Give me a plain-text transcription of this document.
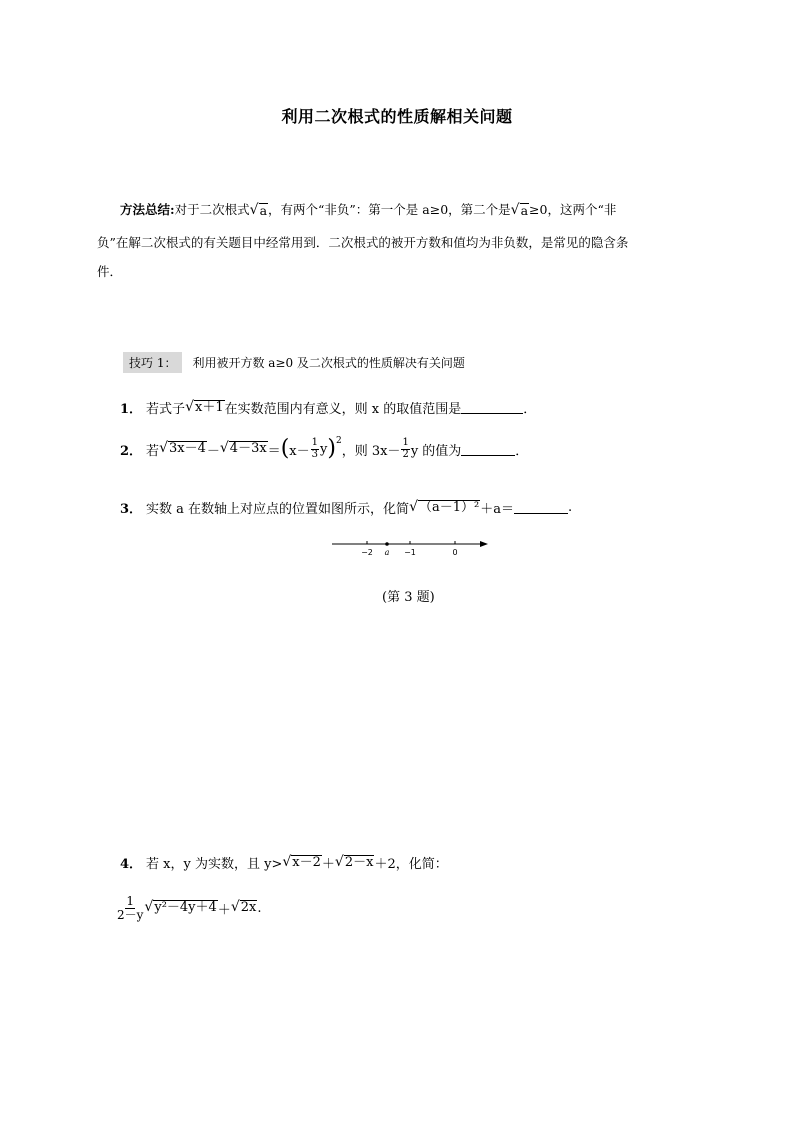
利用二次根式的性质解相关问题
方法总结:对于二次根式 √ a ，有两个“非负”：第一个是 a≥0，第二个是 √ a ≥0，这两个“非
负”在解二次根式的有关题目中经常用到．二次根式的被开方数和值均为非负数，是常见的隐含条
件．
技巧 1：	利用被开方数 a≥0 及二次根式的性质解决有关问题
1． 若式子 √ x＋1 在实数范围内有意义，则 x 的取值范围是	．
2． 若 √ 3x－4 － √ 4－3x ＝ ( $x- \frac{1}{3}$ y )$^2$
，则 $3x- \frac{1}{2}$ y 的值为	．
3． 实数 a 在数轴上对应点的位置如图所示，化简 √ （a－1）² ＋a＝	.
−2 a −1	0
(第 3 题)
4． 若 x，y 为实数，且 y> √ x－2 ＋ √ 2－x ＋2，化简：
$\frac{1}{2-y}$ √ y²－4y＋4 ＋ √ 2x .
